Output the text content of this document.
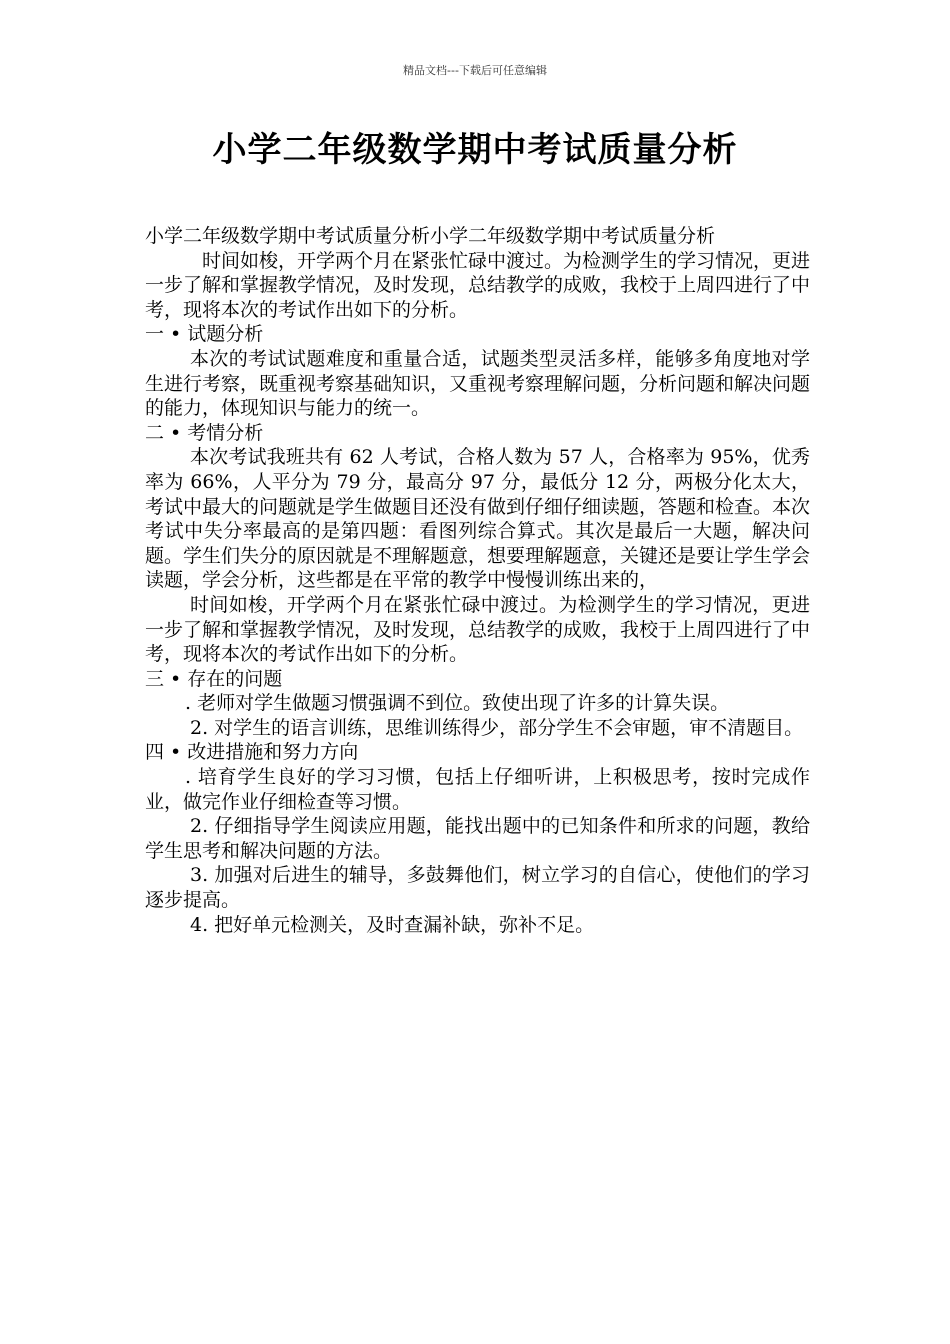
精品文档---下载后可任意编辑
小学二年级数学期中考试质量分析

小学二年级数学期中考试质量分析小学二年级数学期中考试质量分析

时间如梭，开学两个月在紧张忙碌中渡过。为检测学生的学习情况，更进一步了解和掌握教学情况，及时发现，总结教学的成败，我校于上周四进行了中考，现将本次的考试作出如下的分析。

一 • 试题分析

本次的考试试题难度和重量合适，试题类型灵活多样，能够多角度地对学生进行考察，既重视考察基础知识，又重视考察理解问题，分析问题和解决问题的能力，体现知识与能力的统一。

二 • 考情分析

本次考试我班共有 62 人考试，合格人数为 57 人，合格率为 95%，优秀率为 66%，人平分为 79 分，最高分 97 分，最低分 12 分，两极分化太大，考试中最大的问题就是学生做题目还没有做到仔细仔细读题，答题和检查。本次考试中失分率最高的是第四题：看图列综合算式。其次是最后一大题，解决问题。学生们失分的原因就是不理解题意，想要理解题意，关键还是要让学生学会读题，学会分析，这些都是在平常的教学中慢慢训练出来的，

时间如梭，开学两个月在紧张忙碌中渡过。为检测学生的学习情况，更进一步了解和掌握教学情况，及时发现，总结教学的成败，我校于上周四进行了中考，现将本次的考试作出如下的分析。

三 • 存在的问题

. 老师对学生做题习惯强调不到位。致使出现了许多的计算失误。

2. 对学生的语言训练，思维训练得少，部分学生不会审题，审不清题目。

四 • 改进措施和努力方向

. 培育学生良好的学习习惯，包括上仔细听讲，上积极思考，按时完成作业，做完作业仔细检查等习惯。

2. 仔细指导学生阅读应用题，能找出题中的已知条件和所求的问题，教给学生思考和解决问题的方法。

3. 加强对后进生的辅导，多鼓舞他们，树立学习的自信心，使他们的学习逐步提高。

4. 把好单元检测关，及时查漏补缺，弥补不足。
